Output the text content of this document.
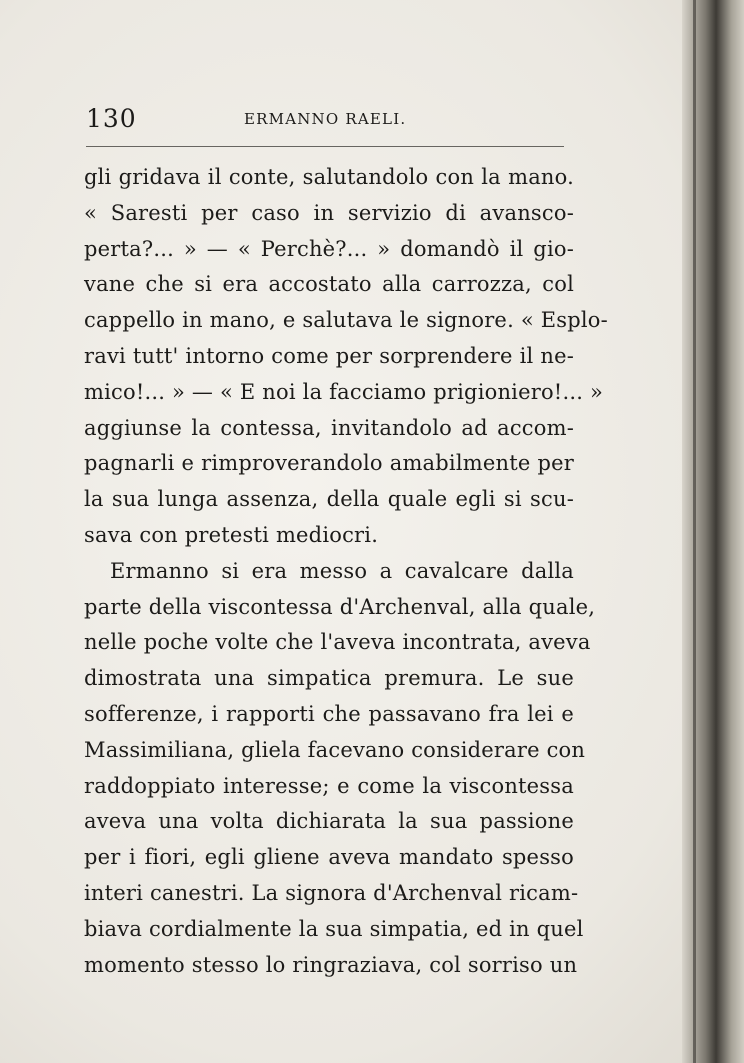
130	ERMANNO RAELI.
gli gridava il conte, salutandolo con la mano.
« Saresti per caso in servizio di avansco-
perta?... » — « Perchè?... » domandò il gio-
vane che si era accostato alla carrozza, col
cappello in mano, e salutava le signore. « Esplo-
ravi tutt' intorno come per sorprendere il ne-
mico!... » — « E noi la facciamo prigioniero!... »
aggiunse la contessa, invitandolo ad accom-
pagnarli e rimproverandolo amabilmente per
la sua lunga assenza, della quale egli si scu-
sava con pretesti mediocri.
Ermanno si era messo a cavalcare dalla
parte della viscontessa d'Archenval, alla quale,
nelle poche volte che l'aveva incontrata, aveva
dimostrata una simpatica premura. Le sue
sofferenze, i rapporti che passavano fra lei e
Massimiliana, gliela facevano considerare con
raddoppiato interesse; e come la viscontessa
aveva una volta dichiarata la sua passione
per i fiori, egli gliene aveva mandato spesso
interi canestri. La signora d'Archenval ricam-
biava cordialmente la sua simpatia, ed in quel
momento stesso lo ringraziava, col sorriso un
